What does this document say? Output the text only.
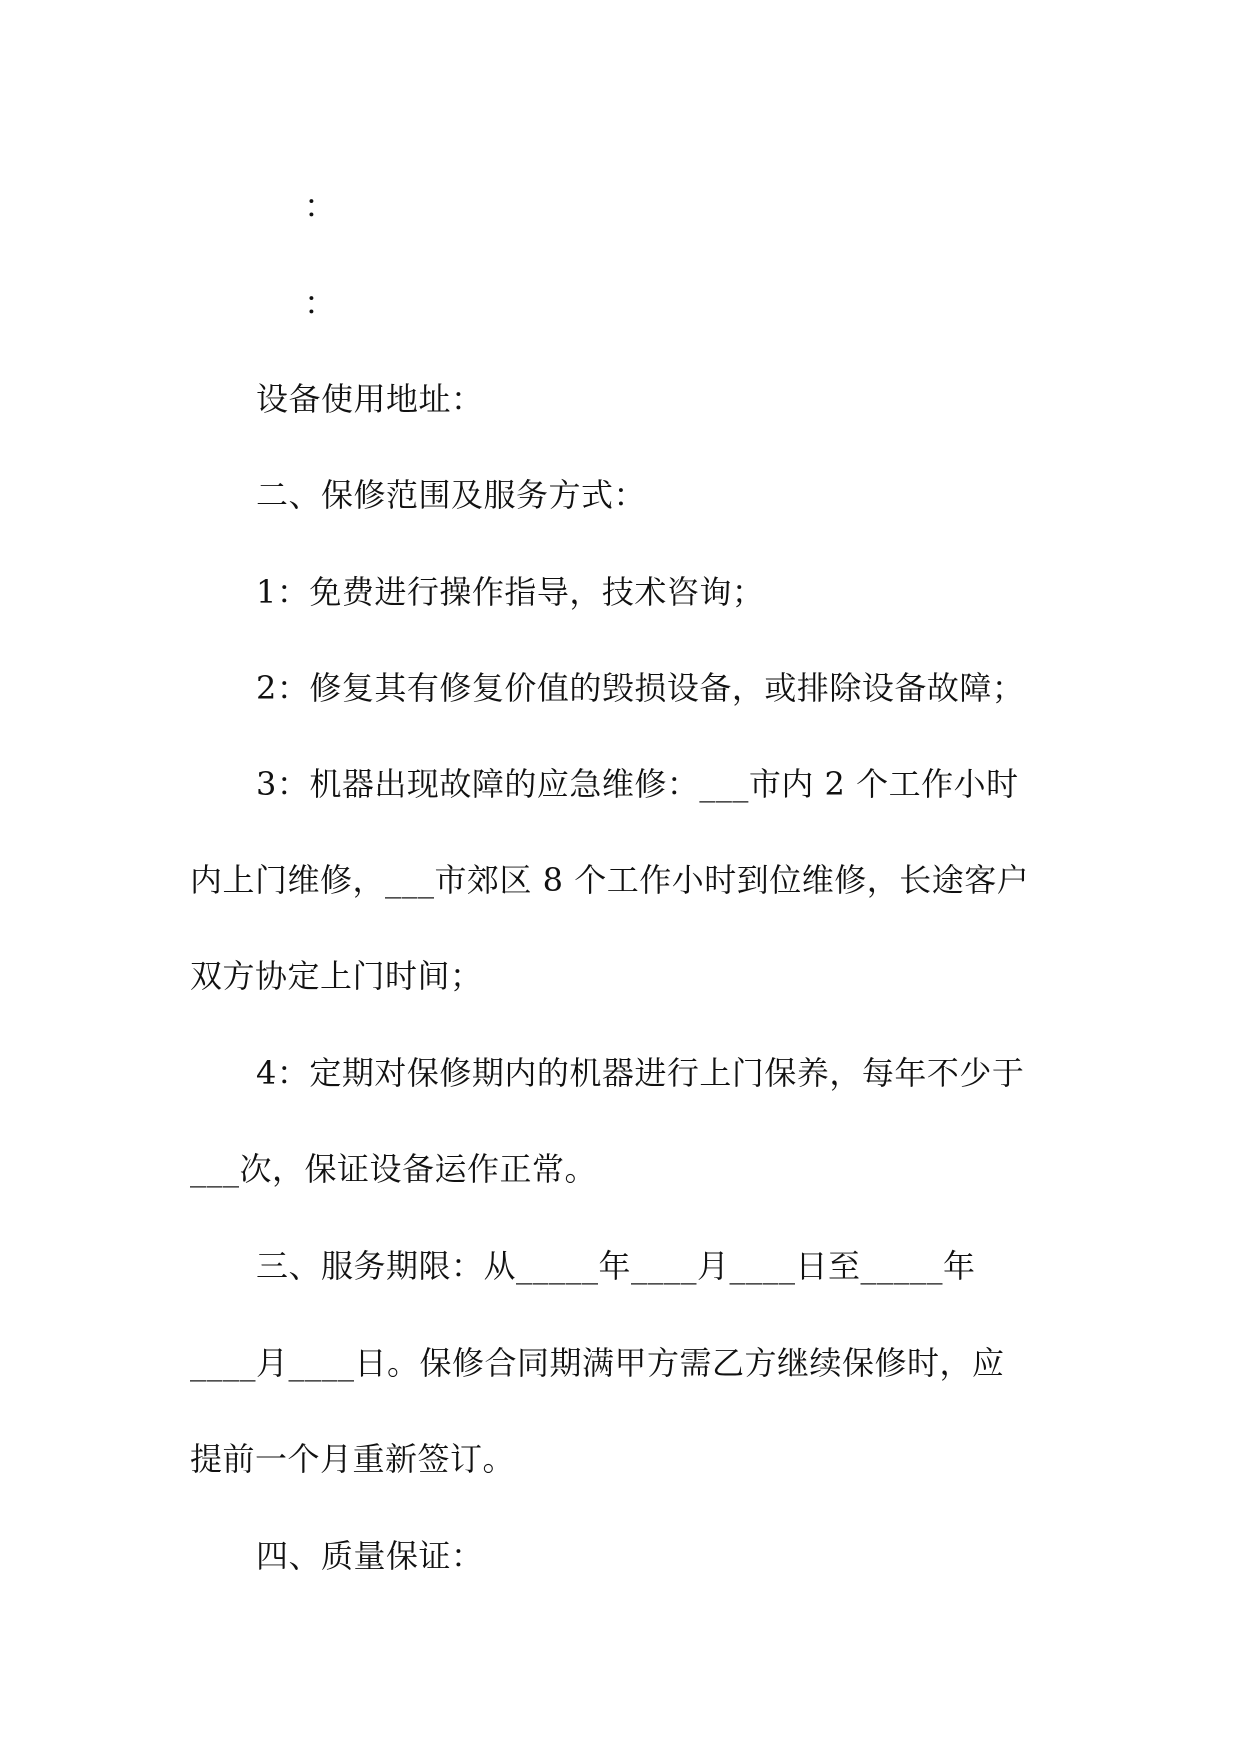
：
：
设备使用地址：
二、保修范围及服务方式：
1：免费进行操作指导，技术咨询；
2：修复其有修复价值的毁损设备，或排除设备故障；
3：机器出现故障的应急维修：___市内 2 个工作小时
内上门维修，___市郊区 8 个工作小时到位维修，长途客户
双方协定上门时间；
4：定期对保修期内的机器进行上门保养，每年不少于
___次，保证设备运作正常。
三、服务期限：从_____年____月____日至_____年
____月____日。保修合同期满甲方需乙方继续保修时，应
提前一个月重新签订。
四、质量保证：
